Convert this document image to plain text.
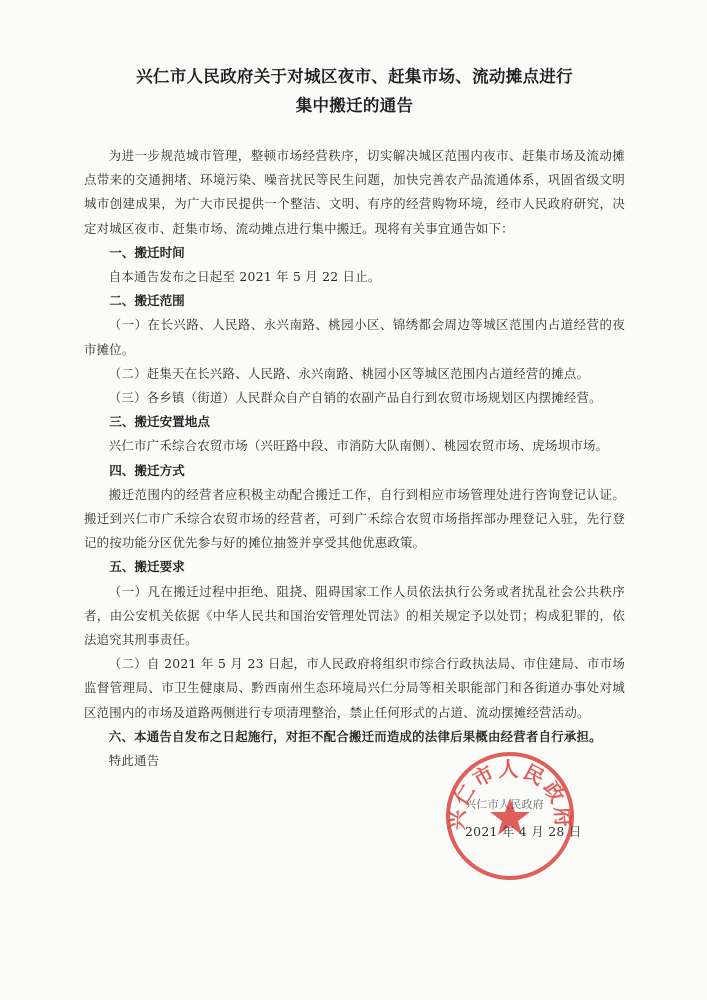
兴仁市人民政府关于对城区夜市、赶集市场、流动摊点进行
集中搬迁的通告

为进一步规范城市管理，整顿市场经营秩序，切实解决城区范围内夜市、赶集市场及流动摊点带来的交通拥堵、环境污染、噪音扰民等民生问题，加快完善农产品流通体系，巩固省级文明城市创建成果，为广大市民提供一个整洁、文明、有序的经营购物环境，经市人民政府研究，决定对城区夜市、赶集市场、流动摊点进行集中搬迁。现将有关事宜通告如下：

一、搬迁时间

自本通告发布之日起至 2021 年 5 月 22 日止。

二、搬迁范围

（一）在长兴路、人民路、永兴南路、桃园小区、锦绣都会周边等城区范围内占道经营的夜市摊位。

（二）赶集天在长兴路、人民路、永兴南路、桃园小区等城区范围内占道经营的摊点。

（三）各乡镇（街道）人民群众自产自销的农副产品自行到农贸市场规划区内摆摊经营。

三、搬迁安置地点

兴仁市广禾综合农贸市场（兴旺路中段、市消防大队南侧）、桃园农贸市场、虎场坝市场。

四、搬迁方式

搬迁范围内的经营者应积极主动配合搬迁工作，自行到相应市场管理处进行咨询登记认证。搬迁到兴仁市广禾综合农贸市场的经营者，可到广禾综合农贸市场指挥部办理登记入驻，先行登记的按功能分区优先参与好的摊位抽签并享受其他优惠政策。

五、搬迁要求

（一）凡在搬迁过程中拒绝、阻挠、阻碍国家工作人员依法执行公务或者扰乱社会公共秩序者，由公安机关依据《中华人民共和国治安管理处罚法》的相关规定予以处罚；构成犯罪的，依法追究其刑事责任。

（二）自 2021 年 5 月 23 日起，市人民政府将组织市综合行政执法局、市住建局、市市场监督管理局、市卫生健康局、黔西南州生态环境局兴仁分局等相关职能部门和各街道办事处对城区范围内的市场及道路两侧进行专项清理整治，禁止任何形式的占道、流动摆摊经营活动。

六、本通告自发布之日起施行，对拒不配合搬迁而造成的法律后果概由经营者自行承担。

特此通告

兴仁市人民政府
兴仁市人民政府
2021 年 4 月 28 日
